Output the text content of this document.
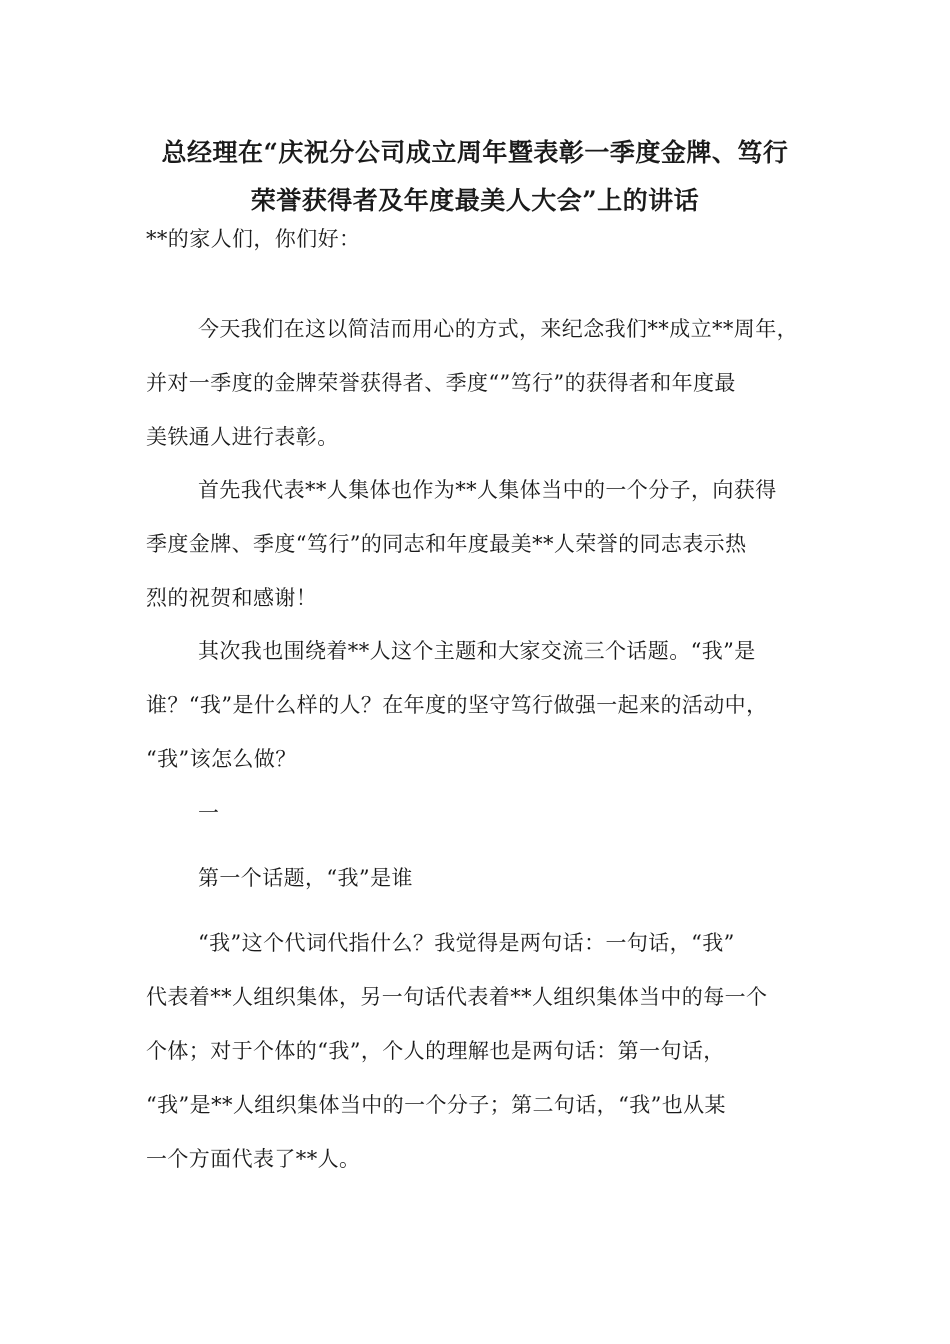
总经理在“庆祝分公司成立周年暨表彰一季度金牌、笃行
荣誉获得者及年度最美人大会”上的讲话
**的家人们，你们好：
今天我们在这以简洁而用心的方式，来纪念我们**成立**周年，
并对一季度的金牌荣誉获得者、季度“”笃行”的获得者和年度最
美铁通人进行表彰。
首先我代表**人集体也作为**人集体当中的一个分子，向获得
季度金牌、季度“笃行”的同志和年度最美**人荣誉的同志表示热
烈的祝贺和感谢！
其次我也围绕着**人这个主题和大家交流三个话题。“我”是
谁？“我”是什么样的人？在年度的坚守笃行做强一起来的活动中，
“我”该怎么做？
一
第一个话题，“我”是谁
“我”这个代词代指什么？我觉得是两句话：一句话，“我”
代表着**人组织集体，另一句话代表着**人组织集体当中的每一个
个体；对于个体的“我”，个人的理解也是两句话：第一句话，
“我”是**人组织集体当中的一个分子；第二句话，“我”也从某
一个方面代表了**人。
